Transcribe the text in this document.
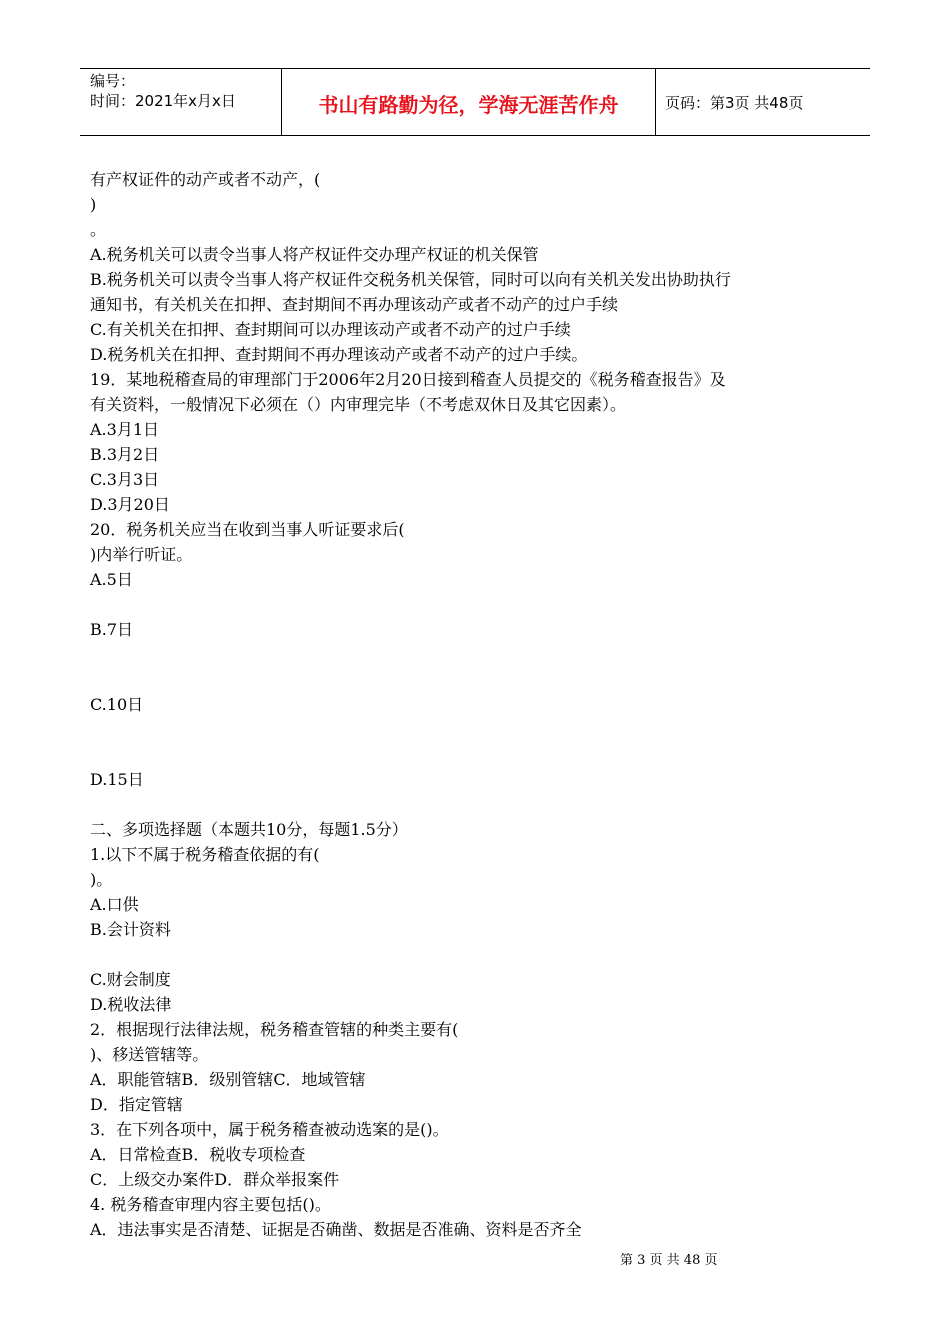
编号：
时间：2021年x月x日	书山有路勤为径，学海无涯苦作舟	页码：第3页 共48页
有产权证件的动产或者不动产，(
)
。
A.税务机关可以责令当事人将产权证件交办理产权证的机关保管
B.税务机关可以责令当事人将产权证件交税务机关保管，同时可以向有关机关发出协助执行
通知书，有关机关在扣押、查封期间不再办理该动产或者不动产的过户手续
C.有关机关在扣押、查封期间可以办理该动产或者不动产的过户手续
D.税务机关在扣押、查封期间不再办理该动产或者不动产的过户手续。
19．某地税稽查局的审理部门于2006年2月20日接到稽查人员提交的《税务稽查报告》及
有关资料，一般情况下必须在（）内审理完毕（不考虑双休日及其它因素）。
A.3月1日
B.3月2日
C.3月3日
D.3月20日
20．税务机关应当在收到当事人听证要求后(
)内举行听证。
A.5日
B.7日
C.10日
D.15日
二、多项选择题（本题共10分，每题1.5分）
1.以下不属于税务稽查依据的有(
)。
A.口供
B.会计资料
C.财会制度
D.税收法律
2．根据现行法律法规，税务稽查管辖的种类主要有(
)、移送管辖等。
A．职能管辖B．级别管辖C．地域管辖
D．指定管辖
3．在下列各项中，属于税务稽查被动选案的是()。
A．日常检查B．税收专项检查
C．上级交办案件D．群众举报案件
4. 税务稽查审理内容主要包括()。
A．违法事实是否清楚、证据是否确凿、数据是否准确、资料是否齐全
第 3 页 共 48 页
